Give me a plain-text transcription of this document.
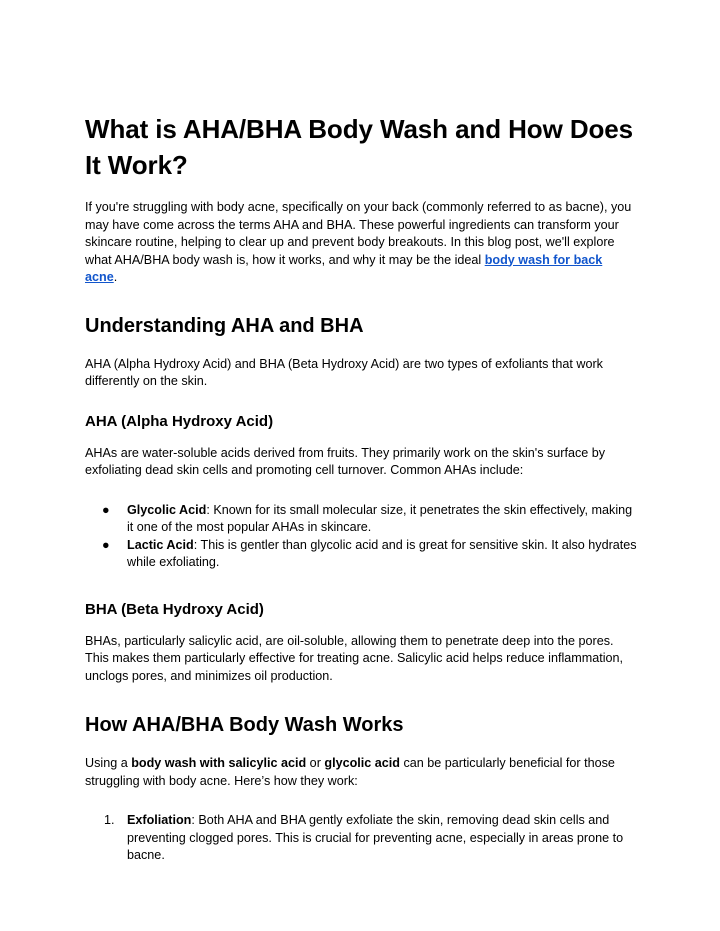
What is AHA/BHA Body Wash and How Does It Work?

If you're struggling with body acne, specifically on your back (commonly referred to as bacne), you may have come across the terms AHA and BHA. These powerful ingredients can transform your skincare routine, helping to clear up and prevent body breakouts. In this blog post, we'll explore what AHA/BHA body wash is, how it works, and why it may be the ideal body wash for back acne.

Understanding AHA and BHA

AHA (Alpha Hydroxy Acid) and BHA (Beta Hydroxy Acid) are two types of exfoliants that work differently on the skin.

AHA (Alpha Hydroxy Acid)

AHAs are water-soluble acids derived from fruits. They primarily work on the skin's surface by exfoliating dead skin cells and promoting cell turnover. Common AHAs include:

● Glycolic Acid: Known for its small molecular size, it penetrates the skin effectively, making it one of the most popular AHAs in skincare.
● Lactic Acid: This is gentler than glycolic acid and is great for sensitive skin. It also hydrates while exfoliating.
BHA (Beta Hydroxy Acid)

BHAs, particularly salicylic acid, are oil-soluble, allowing them to penetrate deep into the pores. This makes them particularly effective for treating acne. Salicylic acid helps reduce inflammation, unclogs pores, and minimizes oil production.

How AHA/BHA Body Wash Works

Using a body wash with salicylic acid or glycolic acid can be particularly beneficial for those struggling with body acne. Here’s how they work:

1. Exfoliation: Both AHA and BHA gently exfoliate the skin, removing dead skin cells and preventing clogged pores. This is crucial for preventing acne, especially in areas prone to bacne.
